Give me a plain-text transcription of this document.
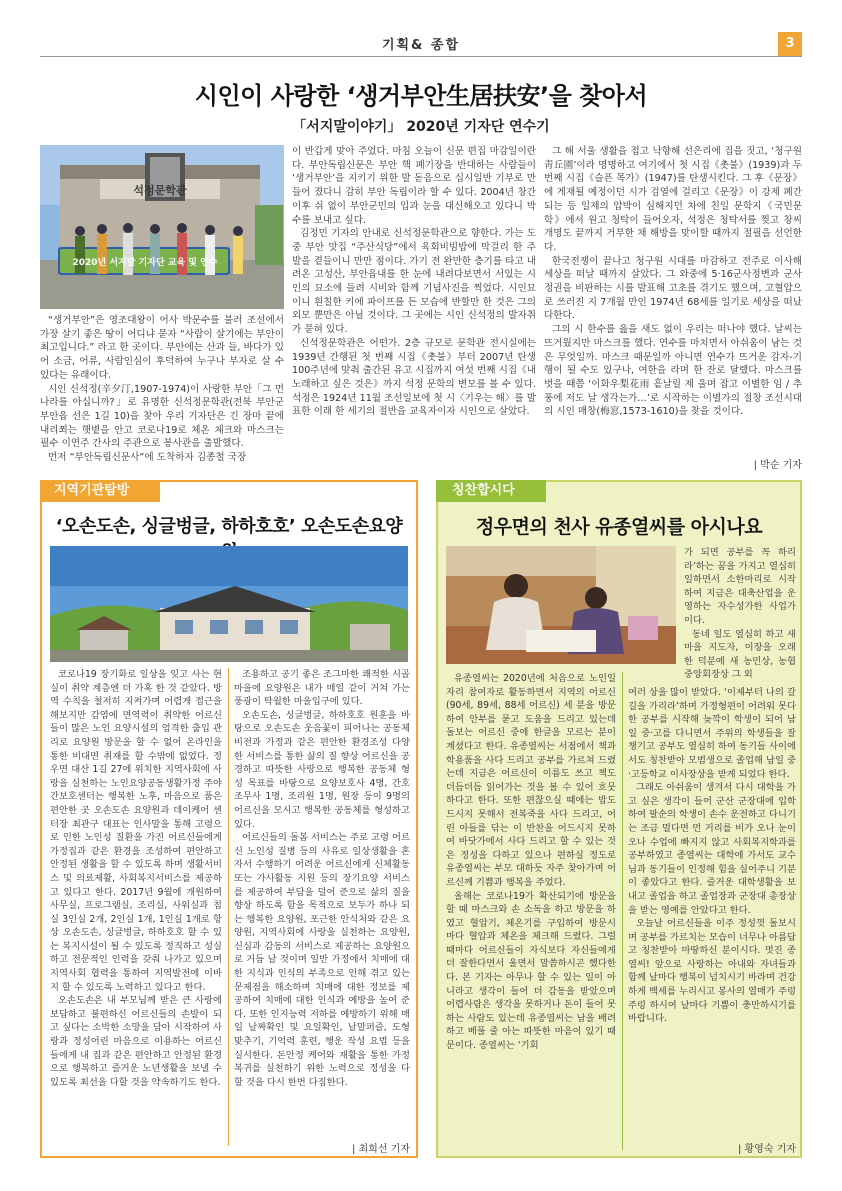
기획& 종합	3
시인이 사랑한 ‘생거부안生居扶安’을 찾아서
「서지말이야기」 2020년 기자단 연수기
석정문학관
2020년 서지말 기자단 교육 및 연수

“생거부안”은 영조대왕이 어사 박문수를 불러 조선에서 가장 살기 좋은 땅이 어디냐 묻자 “사람이 살기에는 부안이 최고입니다.” 라고 한 곳이다. 부안에는 산과 들, 바다가 있어 소금, 어류, 사람인심이 후덕하여 누구나 부자로 살 수 있다는 유래이다.

시인 신석정(辛夕汀,1907-1974)이 사랑한 부안「그 먼 나라를 아십니까?」로 유명한 신석정문학관(전북 부안군 부안읍 선은 1길 10)을 찾아 우리 기자단은 긴 장마 끝에 내리쬐는 햇볕을 안고 코로나19로 체온 체크와 마스크는 필수 이연주 간사의 주관으로 봉사관을 출발했다.

먼저 “부안독립신문사”에 도착하자 김종철 국장

이 반갑게 맞아 주었다. 마침 오늘이 신문 편집 마감일이란다. 부안독립신문은 부안 핵 폐기장을 반대하는 사람들이 ‘생거부안’을 지키기 위한 발 돋음으로 십시일반 기부로 만들어 졌다니 감히 부안 독립이라 할 수 있다. 2004년 창간 이후 쉬 없이 부안군민의 입과 눈을 대신해오고 있다니 박수를 보내고 싶다.

김정민 기자의 안내로 신석정문학관으로 향한다. 가는 도중 부안 맛집 “주산식당”에서 육회비빔밥에 막걸리 한 주발을 곁들이니 만만 점이다. 가기 전 완만한 층기를 타고 내려온 고성산, 부안읍내를 한 눈에 내려다보면서 서있는 시인의 묘소에 들려 시비와 함께 기념사진을 찍었다. 시인묘이니 흰칠한 키에 파이프를 든 모습에 반할만 한 것은 그의 외모 뿐만은 아닐 것이다. 그 곳에는 시인 신석정의 발자취가 묻혀 있다.

신석정문학관은 어떤가. 2층 규모로 문학관 전시실에는 1939년 간행된 첫 번째 시집《촛불》부터 2007년 탄생 100주년에 맞춰 출간된 유고 시집까지 여섯 번째 시집《내 노래하고 싶은 것은》까지 석정 문학의 변모를 볼 수 있다. 석정은 1924년 11월 조선일보에 첫 시〈기우는 해〉를 발표한 이래 한 세기의 절반을 교육자이자 시인으로 살았다.

그 해 서울 생활을 접고 낙향해 선은리에 집을 짓고, ‘청구원靑丘園’이라 명명하고 여기에서 첫 시집《촛불》(1939)과 두 번째 시집《슬픈 목가》(1947)를 탄생시킨다. 그 후《문장》에 게재될 예정이던 시가 검열에 걸리고《문장》이 강제 폐간되는 등 일제의 압박이 심해지던 차에 친일 문학지《국민문학》에서 원고 청탁이 들어오자, 석정은 청탁서를 찢고 창씨 개명도 끝까지 거부한 채 해방을 맞이할 때까지 절필을 선언한다.

한국전쟁이 끝나고 청구원 시대를 마감하고 전주로 이사해 세상을 떠날 때까지 살았다. 그 와중에 5·16군사정변과 군사정권을 비판하는 시를 발표해 고초를 겪기도 했으며, 고혈압으로 쓰러진 지 7개월 만인 1974년 68세를 일기로 세상을 떠났다한다.

그의 시 한수를 읊을 새도 없이 우리는 떠나야 했다. 날씨는 뜨거웠지만 마스크를 했다. 연수를 마치면서 아쉬움이 남는 것은 무엇일까. 마스크 때문일까 아니면 연수가 뜨거운 감자-기행이 될 수도 있구나, 여한을 라며 한 잔로 달랬다. 마스크를 벗을 때쯤 ‘이화우梨花雨 흩날릴 제 울며 잡고 이별한 임 / 추풍에 저도 날 생각는가…’로 시작하는 이별가의 절창 조선시대의 시인 매창(梅窓,1573-1610)을 찾을 것이다.

| 박순 기자
지역기관탐방
‘오손도손, 싱글벙글, 하하호호’ 오손도손요양

코로나19 장기화로 일상을 잊고 사는 현실이 취약 계층엔 더 가혹 한 것 같았다. 방역 수칙을 철저히 지켜가며 어렵게 접근을 해보지만 감염에 면역력이 취약한 어르신들이 많은 노인 요양시설의 엄격한 출입 관리로 요양원 방문을 할 수 없어 온라인을 통한 비대면 취재를 할 수밖에 없었다. 정우면 대산 1길 27에 위치한 지역사회에 사랑을 실천하는 노인요양공동생활가정 주야간보호센터는 행복한 노후, 마음으로 품은 편안한 곳 오손도손 요양원과 데이케어 센터장 최관구 대표는 인사말을 통해 고령으로 인한 노인성 질환을 가진 어르신들에게 가정집과 같은 환경을 조성하여 편안하고 안정된 생활을 할 수 있도록 하며 생활서비스 및 의료제활, 사회복지서비스를 제공하고 있다고 한다. 2017년 9월에 개원하여 사무실, 프로그램실, 조리실, 사워실과 침실 3인실 2개, 2인실 1개, 1인실 1개로 항상 오손도손, 싱글벙글, 하하호호 할 수 있는 복지시설이 될 수 있도록 정직하고 성실하고 전문적인 인력을 갖춰 나가고 있으며 지역사회 협력을 통하여 지역발전에 이바지 할 수 있도록 노력하고 있다고 한다.

오손도손은 내 부모님께 받은 큰 사랑에 보답하고 불편하신 어르신들의 손발이 되고 싶다는 소박한 소망을 담아 시작하여 사랑과 정성어린 마음으로 이용하는 어르신들에게 내 집과 같은 편안하고 안정된 환경으로 행복하고 즐거운 노년생활을 보낼 수 있도록 최선을 다할 것을 약속하기도 한다.

조용하고 공기 좋은 조그마한 쾌적한 시골 마을에 요양원은 내가 매일 같이 거쳐 가는 풍광이 탁월한 마을입구에 있다.

오손도손, 싱글벙글, 하하호호 원훈을 바탕으로 오손도손 웃음꽃이 피어나는 공동체 비전과 가정과 같은 편안한 환경조성 다양한 서비스를 통한 삶의 질 향상 어르신을 공경하고 따뜻한 사랑으로 행복한 공동체 형성 목표를 바탕으로 요양보호사 4명, 간호조무사 1명, 조리원 1명, 원장 등이 9명의 어르신을 모시고 행복한 공동체를 형성하고 있다.

어르신들의 돌봄 서비스는 주로 고령 어르신 노인성 질병 등의 사유로 일상생활을 혼자서 수행하기 어려운 어르신에게 신체활동 또는 가사활동 지원 등의 장기요양 서비스를 제공하여 부담을 덜어 준으로 삶의 질을 향상 하도록 함을 목적으로 보두가 하나 되는 행복한 요양원, 포근한 안식처와 같은 요양원, 지역사회에 사랑을 실천하는 요양원, 신심과 감동의 서비스로 제공하는 요양원으로 거듭 날 것이며 일반 가정에서 치매에 대한 지식과 인식의 부족으로 인해 겪고 있는 문제점을 해소하며 치매에 대한 정보를 제공하여 치매에 대한 인식과 예방을 높여 준다. 또한 인지능력 저하를 예방하기 위해 매일 날짜확인 및 요일확인, 날말퍼즐, 도형 맞추기, 기억력 훈련, 행운 작성 요법 등을 실시한다. 돈안정 케어와 재활을 통한 가정복귀를 실천하기 위한 노력으로 정성을 다할 것을 다시 한번 다짐한다.

| 최희선 기자
칭찬합시다
정우면의 천사 유종열씨를 아시나요

가 되면 공부를 꼭 하리라’하는 꿈을 가지고 열심히 일하면서 소한마리로 시작하여 지금은 대축산업을 운영하는 자수성가한 사업가이다.

동네 일도 열심히 하고 새마을 지도자, 이장을 오래 한 덕분에 새 농민상, 농협중앙회장상 그 외

유종열씨는 2020년에 처음으로 노인일자리 참여자로 활동하면서 지역의 어르신(90세, 89세, 88세 어르신) 세 분을 방문하여 안부를 묻고 도움을 드리고 있는데 돌보는 어르신 중에 한글을 모르는 분이 계셨다고 한다. 유종열씨는 서점에서 책과 학용품을 사다 드리고 공부를 가르쳐 드렸는데 지금은 어르신이 이름도 쓰고 책도 더듬더듬 읽어가는 것을 볼 수 있어 흐뭇하다고 한다. 또한 편찮으실 때에는 밥도 드시지 못해서 전복죽을 사다 드리고, 어린 아들를 닦는 이 반찬을 어드시지 못하여 바닷가에서 사다 드리고 할 수 있는 것은 정성을 다하고 있으나 편하실 정도로 유종열씨는 부모 대하듯 자주 찾아가며 어르신께 기쁨과 행복을 주었다.

올해는 코로나19가 확산되기에 방문을 할 때 마스크와 손 소독을 하고 방문을 하였고 혈압기, 체온기를 구입하여 방문시 마다 혈압과 체온을 체크해 드렸다. 그럴 때마다 어르신들이 자식보다 자신들에게 더 잘한다면서 울면서 말씀하시곤 했다한다. 본 기자는 아무나 할 수 있는 일이 아니라고 생각이 들어 더 감동을 받았으며 어렵사람은 생각을 못하거나 돈이 들어 못하는 사람도 있는데 유종열씨는 남을 배려하고 베풀 줄 아는 따뜻한 마음이 있기 때문이다. 종열씨는 ‘기회

여러 상을 많이 받았다. ‘이제부터 나의 갈 길을 가리라’하며 가정형편이 어려워 못다한 공부를 시작해 늦깍이 학생이 되어 남일 중·고를 다니면서 주위의 학생들을 잘 챙기고 공부도 열심히 하여 동기들 사이에서도 칭찬받아 모범생으로 졸업해 남일 중·고등학교 이사장상을 받게 되었다 한다.

그래도 아쉬움이 생겨서 다시 대학을 가고 싶은 생각이 들어 군산 군장대에 입학하여 팔순의 학생이 손수 운전하고 다니기는 조금 멀다면 먼 거리를 비가 오나 눈이 오나 수업에 빠지지 않고 사회복지학과를 공부하였고 종열씨는 대학에 가서도 교수님과 동기들이 인정해 힘을 실어주니 기분이 좋았다고 한다. 즐거운 대학생활을 보내고 졸업을 하고 졸업장과 군장대 총장상을 받는 영예를 안았다고 한다.

오늘날 어르신들을 이주 정성껏 돌보시며 공부를 가르치는 모습이 너무나 아름답고 칭찬받아 마땅하신 분이시다. 멋진 종열씨! 앞으로 사랑하는 아내와 자녀들과 함께 날마다 행복이 넘치시기 바라며 건강하게 백세를 누리시고 봉사의 열매가 주렁주렁 하시여 날마다 기쁨이 충만하시기를 바랍니다.

| 황영숙 기자
